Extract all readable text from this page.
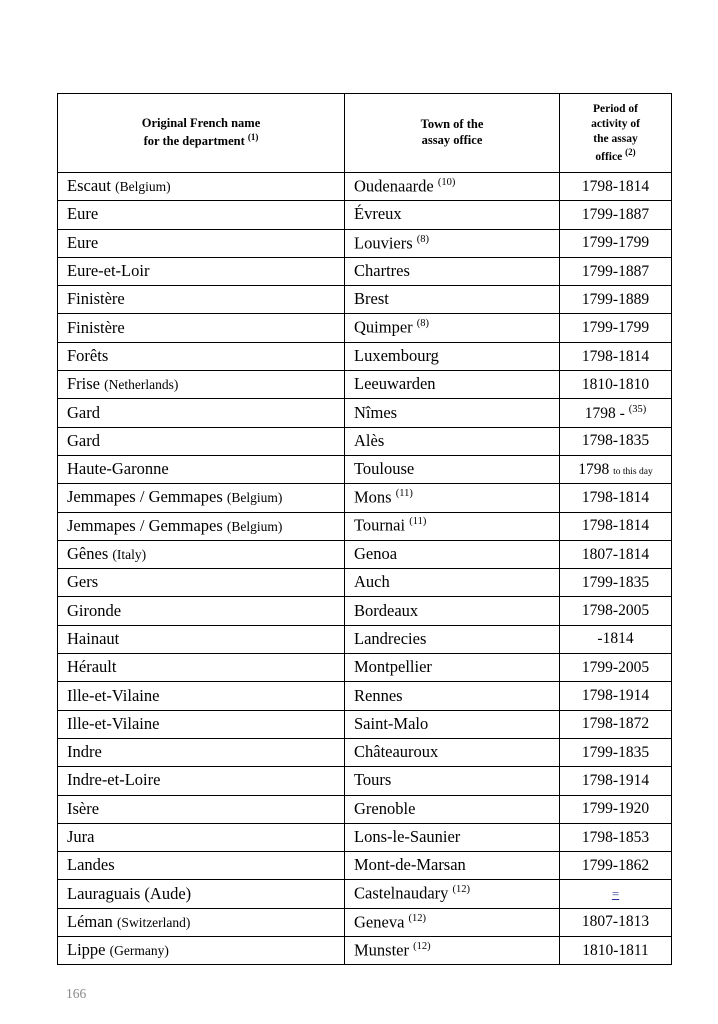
Original French name
for the department $^{(1)}$	Town of the
assay office	Period of
activity of
the assay
office $^{(2)}$
Escaut (Belgium)	Oudenaarde $^{(10)}$	1798-1814
Eure	Évreux	1799-1887
Eure	Louviers $^{(8)}$	1799-1799
Eure-et-Loir	Chartres	1799-1887
Finistère	Brest	1799-1889
Finistère	Quimper $^{(8)}$	1799-1799
Forêts	Luxembourg	1798-1814
Frise (Netherlands)	Leeuwarden	1810-1810
Gard	Nîmes	1798 - $^{(35)}$
Gard	Alès	1798-1835
Haute-Garonne	Toulouse	1798 to this day
Jemmapes / Gemmapes (Belgium)	Mons $^{(11)}$	1798-1814
Jemmapes / Gemmapes (Belgium)	Tournai $^{(11)}$	1798-1814
Gênes (Italy)	Genoa	1807-1814
Gers	Auch	1799-1835
Gironde	Bordeaux	1798-2005
Hainaut	Landrecies	-1814
Hérault	Montpellier	1799-2005
Ille-et-Vilaine	Rennes	1798-1914
Ille-et-Vilaine	Saint-Malo	1798-1872
Indre	Châteauroux	1799-1835
Indre-et-Loire	Tours	1798-1914
Isère	Grenoble	1799-1920
Jura	Lons-le-Saunier	1798-1853
Landes	Mont-de-Marsan	1799-1862
Lauraguais (Aude)	Castelnaudary $^{(12)}$	=
Léman (Switzerland)	Geneva $^{(12)}$	1807-1813
Lippe (Germany)	Munster $^{(12)}$	1810-1811
166
